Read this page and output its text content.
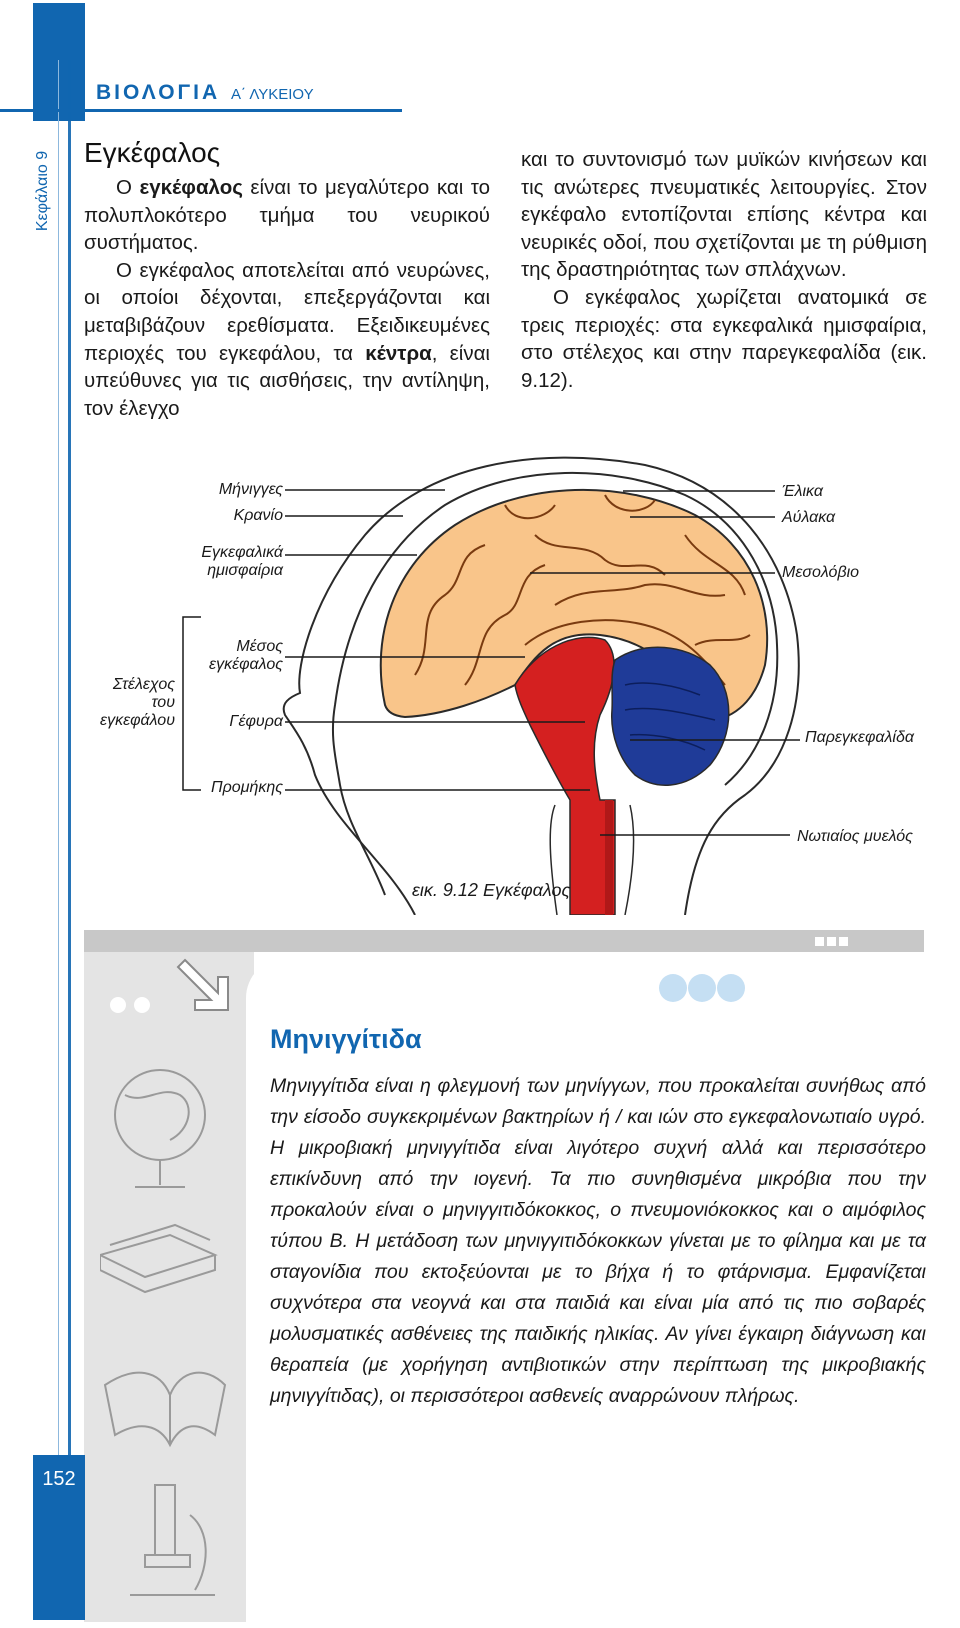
Κεφάλαιο 9
ΒΙΟΛΟΓΙΑ Α΄ ΛΥΚΕΙΟΥ
Εγκέφαλος
Ο εγκέφαλος είναι το μεγαλύτερο και το πολυπλοκότερο τμήμα του νευρικού συστήματος.
Ο εγκέφαλος αποτελείται από νευρώνες, οι οποίοι δέχονται, επεξεργάζονται και μεταβιβάζουν ερεθίσματα. Εξειδικευμένες περιοχές του εγκεφάλου, τα κέντρα, είναι υπεύθυνες για τις αισθήσεις, την αντίληψη, τον έλεγχο
και το συντονισμό των μυϊκών κινήσεων και τις ανώτερες πνευματικές λειτουργίες. Στον εγκέφαλο εντοπίζονται επίσης κέντρα και νευρικές οδοί, που σχετίζονται με τη ρύθμιση της δραστηριότητας των σπλάχνων.
Ο εγκέφαλος χωρίζεται ανατομικά σε τρεις περιοχές: στα εγκεφαλικά ημισφαίρια, στο στέλεχος και στην παρεγκεφαλίδα (εικ. 9.12).
Μήνιγγες
Κρανίο
Εγκεφαλικά
ημισφαίρια
Μέσος
εγκέφαλος
Στέλεχος
του
εγκεφάλου	Γέφυρα
Προμήκης
Έλικα
Αύλακα
Μεσολόβιο
Παρεγκεφαλίδα
Νωτιαίος μυελός
εικ. 9.12 Εγκέφαλος
Μηνιγγίτιδα
Μηνιγγίτιδα είναι η φλεγμονή των μηνίγγων, που προκαλείται συνήθως από την είσοδο συγκεκριμένων βακτηρίων ή / και ιών στο εγκεφαλονωτιαίο υγρό. Η μικροβιακή μηνιγγίτιδα είναι λιγότερο συχνή αλλά και περισσότερο επικίνδυνη από την ιογενή. Τα πιο συνηθισμένα μικρόβια που την προκαλούν είναι ο μηνιγγιτιδόκοκκος, ο πνευμονιόκοκκος και ο αιμόφιλος τύπου Β. Η μετάδοση των μηνιγγιτιδόκοκκων γίνεται με το φίλημα και με τα σταγονίδια που εκτοξεύονται με το βήχα ή το φτάρνισμα. Εμφανίζεται συχνότερα στα νεογνά και στα παιδιά και είναι μία από τις πιο σοβαρές μολυσματικές ασθένειες της παιδικής ηλικίας. Αν γίνει έγκαιρη διάγνωση και θεραπεία (με χορήγηση αντιβιοτικών στην περίπτωση της μικροβιακής μηνιγγίτιδας), οι περισσότεροι ασθενείς αναρρώνουν πλήρως.
152
